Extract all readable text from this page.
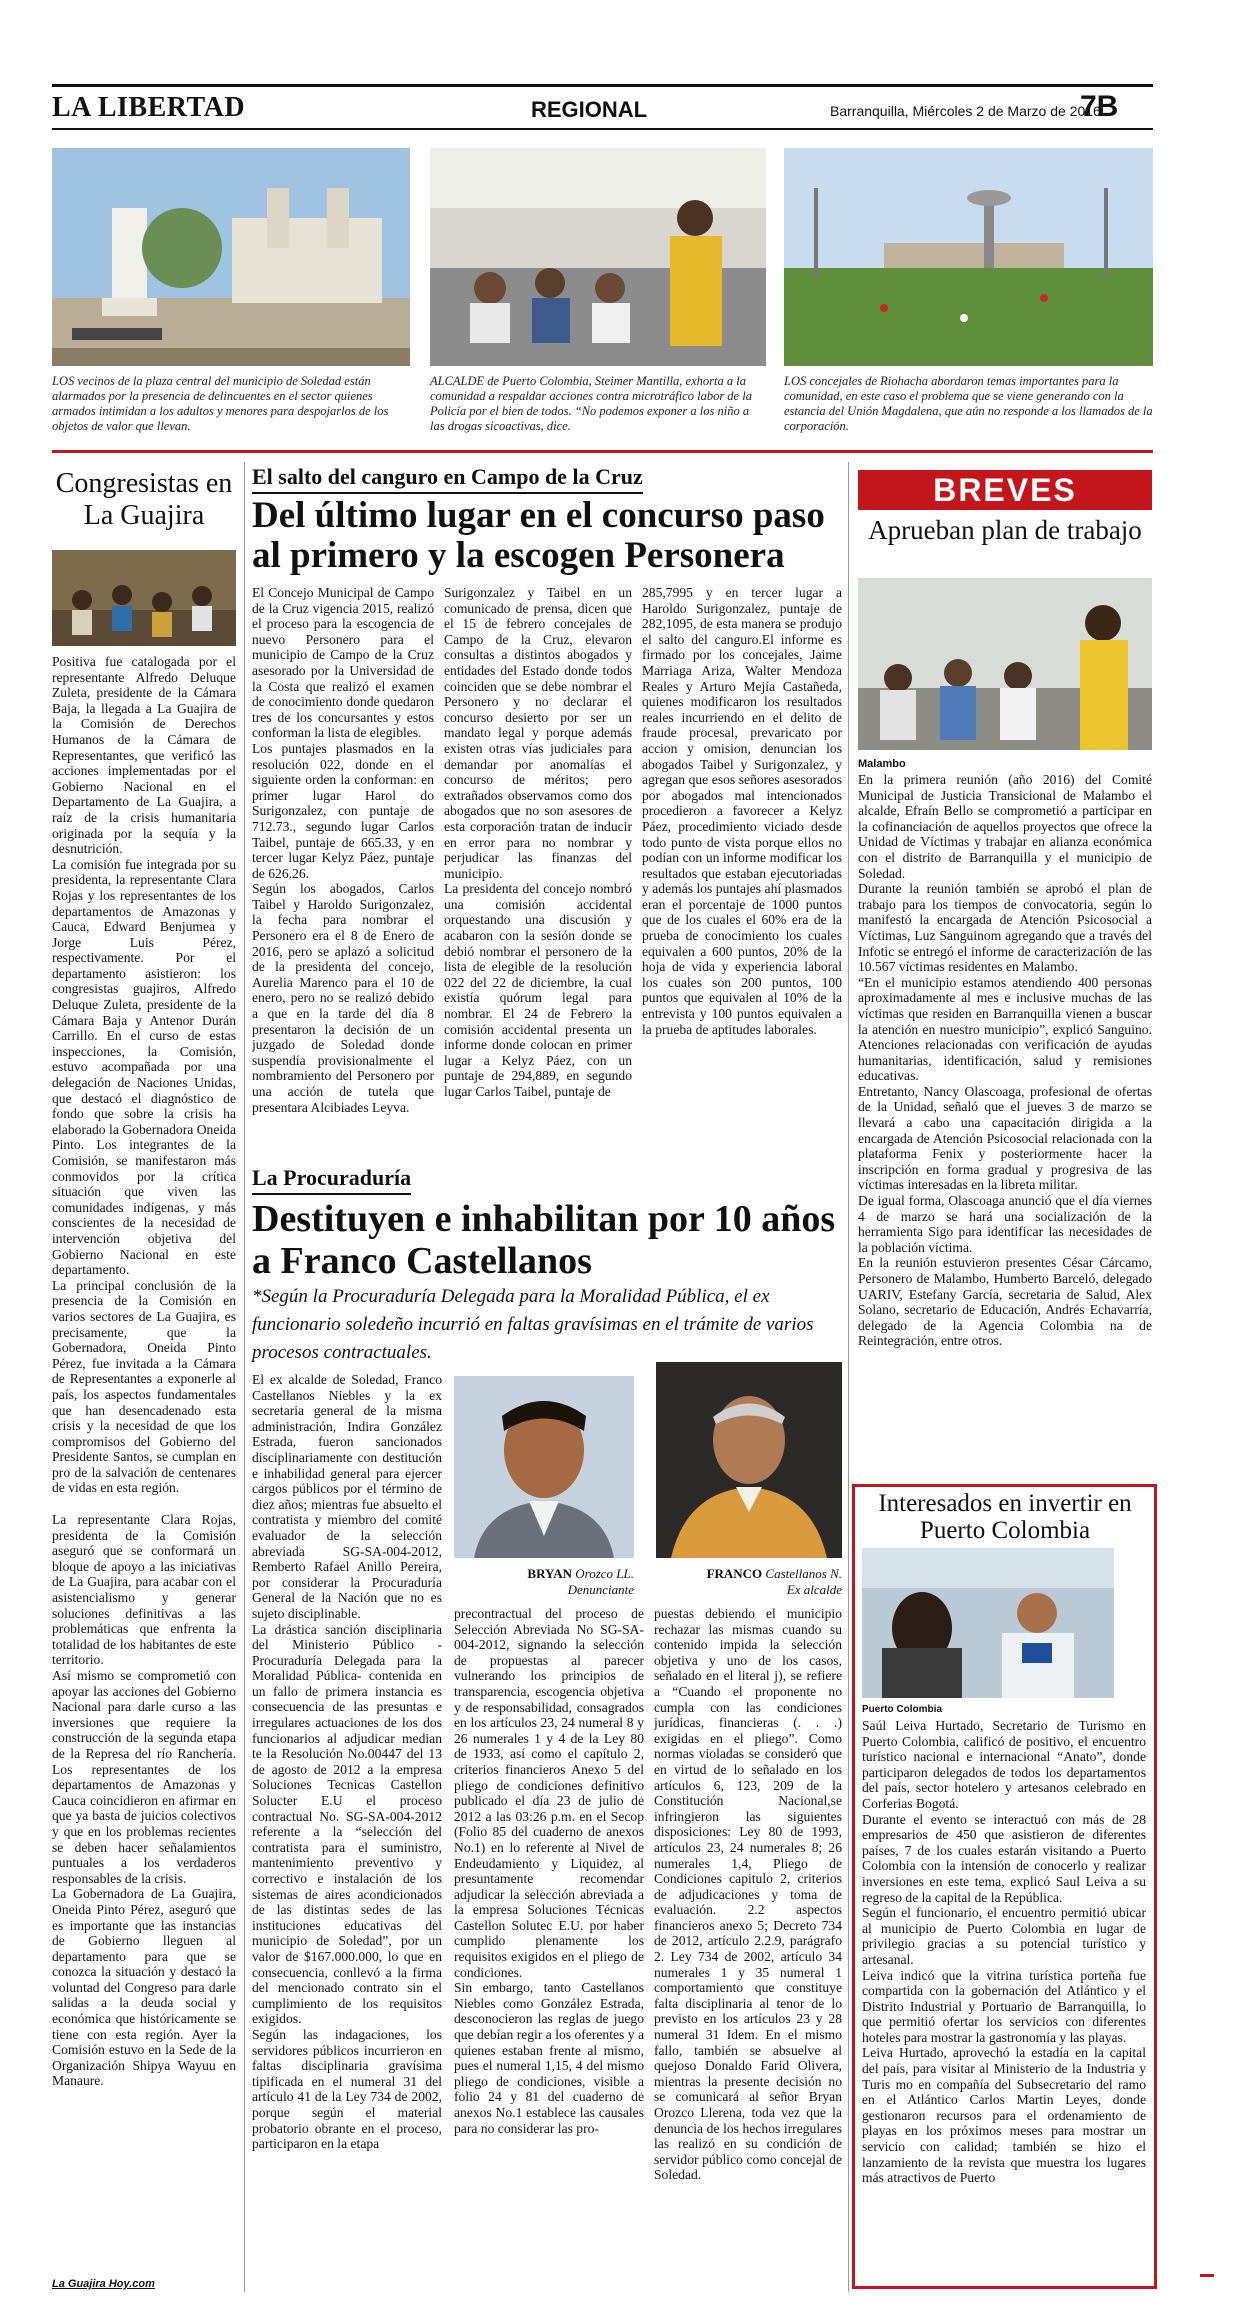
LA LIBERTAD	REGIONAL	Barranquilla, Miércoles 2 de Marzo de 2016
7B
LOS vecinos de la plaza central del municipio de Soledad están alarmados por la presencia de delincuentes en el sector quienes armados intimidan a los adultos y menores para despojarlos de los objetos de valor que llevan.
ALCALDE de Puerto Colombia, Steimer Mantilla, exhorta a la comunidad a respaldar acciones contra microtráfico labor de la Policía por el bien de todos. “No podemos exponer a los niño a las drogas sicoactivas, dice.
LOS concejales de Riohacha abordaron temas importantes para la comunidad, en este caso el problema que se viene generando con la estancia del Unión Magdalena, que aún no responde a los llamados de la corporación.
Congresistas en La Guajira

Positiva fue catalogada por el representante Alfredo Deluque Zuleta, presidente de la Cámara Baja, la llegada a La Guajira de la Comisión de Derechos Humanos de la Cámara de Representantes, que verificó las acciones implementadas por el Gobierno Nacional en el Departamento de La Guajira, a raíz de la crisis humanitaria originada por la sequía y la desnutrición.

La comisión fue integrada por su presidenta, la representante Clara Rojas y los representantes de los departamentos de Amazonas y Cauca, Edward Benjumea y Jorge Luis Pérez, respectivamente. Por el departamento asistieron: los congresistas guajiros, Alfredo Deluque Zuleta, presidente de la Cámara Baja y Antenor Durán Carrillo. En el curso de estas inspecciones, la Comisión, estuvo acompañada por una delegación de Naciones Unidas, que destacó el diagnóstico de fondo que sobre la crisis ha elaborado la Gobernadora Oneida Pinto. Los integrantes de la Comisión, se manifestaron más conmovidos por la crítica situación que viven las comunidades indígenas, y más conscientes de la necesidad de intervención objetiva del Gobierno Nacional en este departamento.

La principal conclusión de la presencia de la Comisión en varios sectores de La Guajira, es precisamente, que la Gobernadora, Oneida Pinto Pérez, fue invitada a la Cámara de Representantes a exponerle al país, los aspectos fundamentales que han desencadenado esta crisis y la necesidad de que los compromisos del Gobierno del Presidente Santos, se cumplan en pro de la salvación de centenares de vidas en esta región.

La representante Clara Rojas, presidenta de la Comisión aseguró que se conformará un bloque de apoyo a las iniciativas de La Guajira, para acabar con el asistencialismo y generar soluciones definitivas a las problemáticas que enfrenta la totalidad de los habitantes de este territorio.

Así mismo se comprometió con apoyar las acciones del Gobierno Nacional para darle curso a las inversiones que requiere la construcción de la segunda etapa de la Represa del río Ranchería. Los representantes de los departamentos de Amazonas y Cauca coincidieron en afirmar en que ya basta de juicios colectivos y que en los problemas recientes se deben hacer señalamientos puntuales a los verdaderos responsables de la crisis.

La Gobernadora de La Guajira, Oneida Pinto Pérez, aseguró que es importante que las instancias de Gobierno lleguen al departamento para que se conozca la situación y destacó la voluntad del Congreso para darle salidas a la deuda social y económica que históricamente se tiene con esta región. Ayer la Comisión estuvo en la Sede de la Organización Shipya Wayuu en Manaure.

La Guajira Hoy.com
El salto del canguro en Campo de la Cruz
Del último lugar en el concurso paso al primero y la escogen Personera

El Concejo Municipal de Campo de la Cruz vigencia 2015, realizó el proceso para la escogencia de nuevo Personero para el municipio de Campo de la Cruz asesorado por la Universidad de la Costa que realizó el examen de conocimiento donde quedaron tres de los concursantes y estos conforman la lista de elegibles.

Los puntajes plasmados en la resolución 022, donde en el siguiente orden la conforman: en primer lugar Harol do Surigonzalez, con puntaje de 712.73., segundo lugar Carlos Taibel, puntaje de 665.33, y en tercer lugar Kelyz Páez, puntaje de 626.26.

Según los abogados, Carlos Taibel y Haroldo Surigonzalez, la fecha para nombrar el Personero era el 8 de Enero de 2016, pero se aplazó a solicitud de la presidenta del concejo, Aurelia Marenco para el 10 de enero, pero no se realizó debido a que en la tarde del día 8 presentaron la decisión de un juzgado de Soledad donde suspendía provisionalmente el nombramiento del Personero por una acción de tutela que presentara Alcibiades Leyva.

Surigonzalez y Taibel en un comunicado de prensa, dicen que el 15 de febrero concejales de Campo de la Cruz, elevaron consultas a distintos abogados y entidades del Estado donde todos coinciden que se debe nombrar el Personero y no declarar el concurso desierto por ser un mandato legal y porque además existen otras vías judiciales para demandar por anomalías el concurso de méritos; pero extrañados observamos como dos abogados que no son asesores de esta corporación tratan de inducir en error para no nombrar y perjudicar las finanzas del municipio.

La presidenta del concejo nombró una comisión accidental orquestando una discusión y acabaron con la sesión donde se debió nombrar el personero de la lista de elegible de la resolución 022 del 22 de diciembre, la cual existía quórum legal para nombrar. El 24 de Febrero la comisión accidental presenta un informe donde colocan en primer lugar a Kelyz Páez, con un puntaje de 294,889, en segundo lugar Carlos Taibel, puntaje de

285,7995 y en tercer lugar a Haroldo Surigonzalez, puntaje de 282,1095, de esta manera se produjo el salto del canguro.El informe es firmado por los concejales, Jaime Marriaga Ariza, Walter Mendoza Reales y Arturo Mejía Castañeda, quienes modificaron los resultados reales incurriendo en el delito de fraude procesal, prevaricato por accion y omision, denuncian los abogados Taibel y Surigonzalez, y agregan que esos señores asesorados por abogados mal intencionados procedieron a favorecer a Kelyz Páez, procedimiento viciado desde todo punto de vista porque ellos no podían con un informe modificar los resultados que estaban ejecutoriadas y además los puntajes ahí plasmados eran el porcentaje de 1000 puntos que de los cuales el 60% era de la prueba de conocimiento los cuales equivalen a 600 puntos, 20% de la hoja de vida y experiencia laboral los cuales son 200 puntos, 100 puntos que equivalen al 10% de la entrevista y 100 puntos equivalen a la prueba de aptitudes laborales.

La Procuraduría
Destituyen e inhabilitan por 10 años a Franco Castellanos
*Según la Procuraduría Delegada para la Moralidad Pública, el ex funcionario soledeño incurrió en faltas gravísimas en el trámite de varios procesos contractuales.

El ex alcalde de Soledad, Franco Castellanos Niebles y la ex secretaria general de la misma administración, Indira González Estrada, fueron sancionados disciplinariamente con destitución e inhabilidad general para ejercer cargos públicos por el término de diez años; mientras fue absuelto el contratista y miembro del comité evaluador de la selección abreviada SG-SA-004-2012, Remberto Rafael Anillo Pereira, por considerar la Procuraduría General de la Nación que no es sujeto disciplinable.

La drástica sanción disciplinaria del Ministerio Público -Procuraduría Delegada para la Moralidad Pública- contenida en un fallo de primera instancia es consecuencia de las presuntas e irregulares actuaciones de los dos funcionarios al adjudicar median te la Resolución No.00447 del 13 de agosto de 2012 a la empresa Soluciones Tecnicas Castellon Solucter E.U el proceso contractual No. SG-SA-004-2012 referente a la “selección del contratista para el suministro, mantenimiento preventivo y correctivo e instalación de los sistemas de aires acondicionados de las distintas sedes de las instituciones educativas del municipio de Soledad”, por un valor de $167.000.000, lo que en consecuencia, conllevó a la firma del mencionado contrato sin el cumplimiento de los requisitos exigidos.

Según las indagaciones, los servidores públicos incurrieron en faltas disciplinaria gravísima tipificada en el numeral 31 del artículo 41 de la Ley 734 de 2002, porque según el material probatorio obrante en el proceso, participaron en la etapa

BRYAN Orozco LL.
Denunciante
FRANCO Castellanos N.
Ex alcalde

precontractual del proceso de Selección Abreviada No SG-SA-004-2012, signando la selección de propuestas al parecer vulnerando los principios de transparencia, escogencia objetiva y de responsabilidad, consagrados en los artículos 23, 24 numeral 8 y 26 numerales 1 y 4 de la Ley 80 de 1933, así como el capítulo 2, criterios financieros Anexo 5 del pliego de condiciones definitivo publicado el día 23 de julio de 2012 a las 03:26 p.m. en el Secop (Folio 85 del cuaderno de anexos No.1) en lo referente al Nivel de Endeudamiento y Liquidez, al presuntamente recomendar adjudicar la selección abreviada a la empresa Soluciones Técnicas Castellon Solutec E.U. por haber cumplido plenamente los requisitos exigidos en el pliego de condiciones.

Sin embargo, tanto Castellanos Niebles como González Estrada, desconocieron las reglas de juego que debían regir a los oferentes y a quienes estaban frente al mismo, pues el numeral 1,15, 4 del mismo pliego de condiciones, visible a folio 24 y 81 del cuaderno de anexos No.1 establece las causales para no considerar las pro-

puestas debiendo el municipio rechazar las mismas cuando su contenido impida la selección objetiva y uno de los casos, señalado en el literal j), se refiere a “Cuando el proponente no cumpla con las condiciones jurídicas, financieras (. . .) exigidas en el pliego”. Como normas violadas se consideró que en virtud de lo señalado en los artículos 6, 123, 209 de la Constitución Nacional,se infringieron las siguientes disposiciones: Ley 80 de 1993, artículos 23, 24 numerales 8; 26 numerales 1,4, Pliego de Condiciones capitulo 2, criterios de adjudicaciones y toma de evaluación. 2.2 aspectos financieros anexo 5; Decreto 734 de 2012, artículo 2.2.9, parágrafo 2. Ley 734 de 2002, artículo 34 numerales 1 y 35 numeral 1 comportamiento que constituye falta disciplinaria al tenor de lo previsto en los artículos 23 y 28 numeral 31 Idem. En el mismo fallo, también se absuelve al quejoso Donaldo Farid Olivera, mientras la presente decisión no se comunicará al señor Bryan Orozco Llerena, toda vez que la denuncia de los hechos irregulares las realizó en su condición de servidor público como concejal de Soledad.

BREVES
Aprueban plan de trabajo
Malambo

En la primera reunión (año 2016) del Comité Municipal de Justicia Transicional de Malambo el alcalde, Efraín Bello se comprometió a participar en la cofinanciación de aquellos proyectos que ofrece la Unidad de Víctimas y trabajar en alianza económica con el distrito de Barranquilla y el municipio de Soledad.

Durante la reunión también se aprobó el plan de trabajo para los tiempos de convocatoria, según lo manifestó la encargada de Atención Psicosocial a Víctimas, Luz Sanguinom agregando que a través del Infotic se entregó el informe de caracterización de las 10.567 víctimas residentes en Malambo.

“En el municipio estamos atendiendo 400 personas aproximadamente al mes e inclusive muchas de las víctimas que residen en Barranquilla vienen a buscar la atención en nuestro municipio”, explicó Sanguino. Atenciones relacionadas con verificación de ayudas humanitarias, identificación, salud y remisiones educativas.

Entretanto, Nancy Olascoaga, profesional de ofertas de la Unidad, señaló que el jueves 3 de marzo se llevará a cabo una capacitación dirigida a la encargada de Atención Psicosocial relacionada con la plataforma Fenix y posteriormente hacer la inscripción en forma gradual y progresiva de las víctimas interesadas en la libreta militar.

De igual forma, Olascoaga anunció que el día viernes 4 de marzo se hará una socialización de la herramienta Sigo para identificar las necesidades de la población víctima.

En la reunión estuvieron presentes César Cárcamo, Personero de Malambo, Humberto Barceló, delegado UARIV, Estefany García, secretaria de Salud, Alex Solano, secretario de Educación, Andrés Echavarría, delegado de la Agencia Colombia na de Reintegración, entre otros.

Interesados en invertir en Puerto Colombia
Puerto Colombia

Saúl Leiva Hurtado, Secretario de Turismo en Puerto Colombia, calificó de positivo, el encuentro turístico nacional e internacional “Anato”, donde participaron delegados de todos los departamentos del país, sector hotelero y artesanos celebrado en Corferias Bogotá.

Durante el evento se interactuó con más de 28 empresarios de 450 que asistieron de diferentes países, 7 de los cuales estarán visitando a Puerto Colombia con la intensión de conocerlo y realizar inversiones en este tema, explicó Saul Leiva a su regreso de la capital de la República.

Según el funcionario, el encuentro permitió ubicar al municipio de Puerto Colombia en lugar de privilegio gracias a su potencial turístico y artesanal.

Leiva indicó que la vitrina turística porteña fue compartida con la gobernación del Atlántico y el Distrito Industrial y Portuario de Barranquilla, lo que permitió ofertar los servicios con diferentes hoteles para mostrar la gastronomía y las playas.

Leiva Hurtado, aprovechó la estadía en la capital del país, para visitar al Ministerio de la Industria y Turis mo en compañía del Subsecretario del ramo en el Atlántico Carlos Martin Leyes, donde gestionaron recursos para el ordenamiento de playas en los próximos meses para mostrar un servicio con calidad; también se hizo el lanzamiento de la revista que muestra los lugares más atractivos de Puerto
